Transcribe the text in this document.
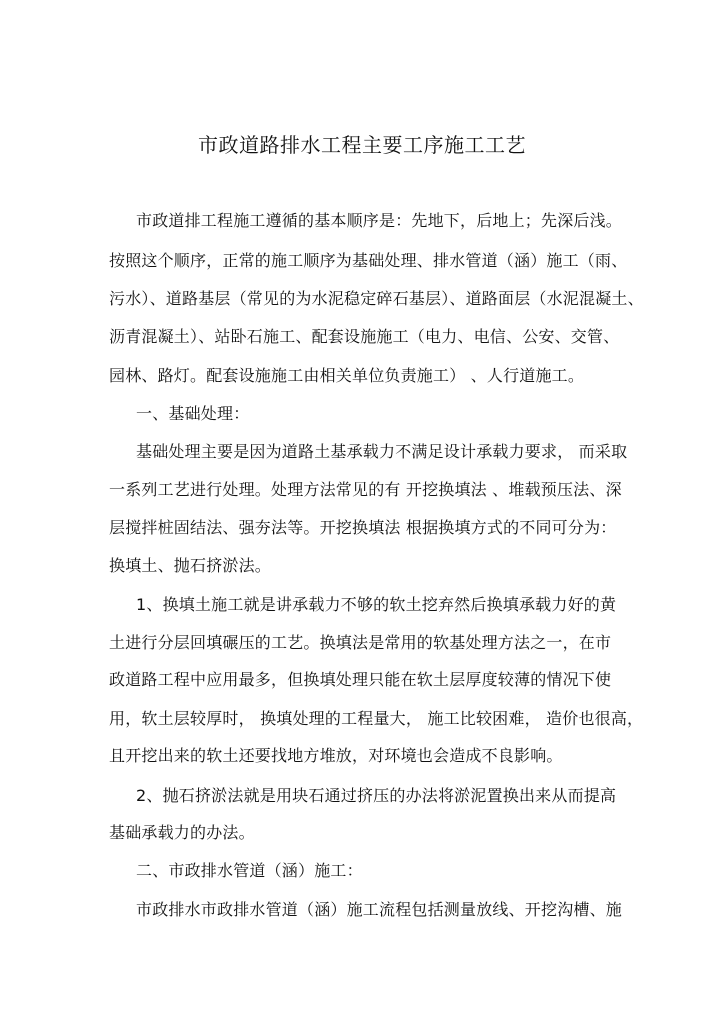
市政道路排水工程主要工序施工工艺
市政道排工程施工遵循的基本顺序是：先地下，后地上；先深后浅。
按照这个顺序，正常的施工顺序为基础处理、排水管道（涵）施工（雨、
污水）、道路基层（常见的为水泥稳定碎石基层）、道路面层（水泥混凝土、
沥青混凝土）、站卧石施工、配套设施施工（电力、电信、公安、交管、
园林、路灯。配套设施施工由相关单位负责施工） 、人行道施工。
一、基础处理：
基础处理主要是因为道路土基承载力不满足设计承载力要求， 而采取
一系列工艺进行处理。处理方法常见的有 开挖换填法 、堆载预压法、深
层搅拌桩固结法、强夯法等。开挖换填法 根据换填方式的不同可分为：
换填土、抛石挤淤法。
1、换填土施工就是讲承载力不够的软土挖弃然后换填承载力好的黄
土进行分层回填碾压的工艺。换填法是常用的软基处理方法之一，在市
政道路工程中应用最多，但换填处理只能在软土层厚度较薄的情况下使
用，软土层较厚时， 换填处理的工程量大， 施工比较困难， 造价也很高，
且开挖出来的软土还要找地方堆放，对环境也会造成不良影响。
2、抛石挤淤法就是用块石通过挤压的办法将淤泥置换出来从而提高
基础承载力的办法。
二、市政排水管道（涵）施工：
市政排水市政排水管道（涵）施工流程包括测量放线、开挖沟槽、施
